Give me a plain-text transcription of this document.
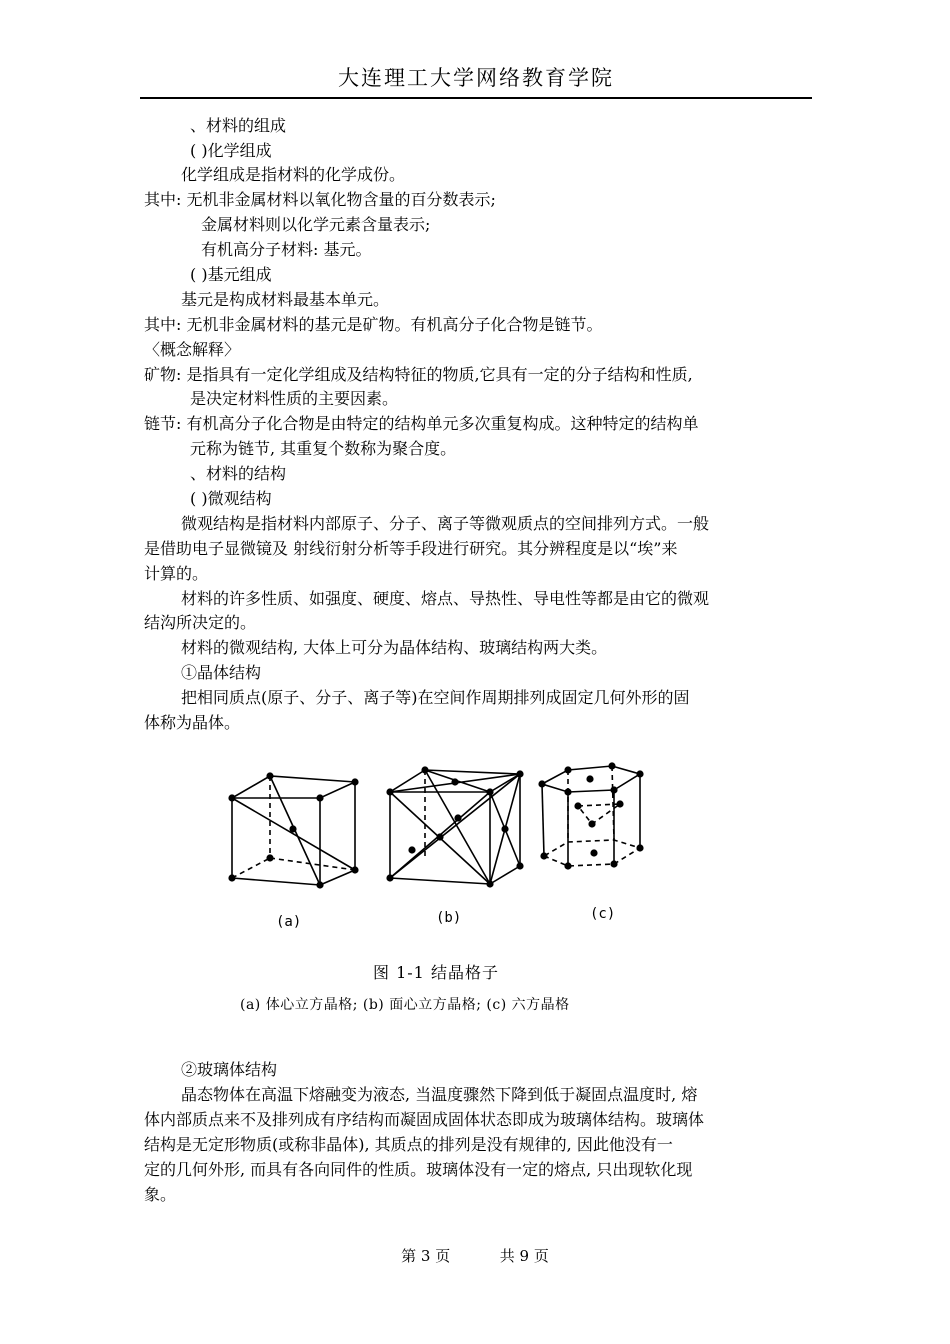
大连理工大学网络教育学院
、材料的组成
( )化学组成
化学组成是指材料的化学成份。
其中: 无机非金属材料以氧化物含量的百分数表示;
金属材料则以化学元素含量表示;
有机高分子材料: 基元。
( )基元组成
基元是构成材料最基本单元。
其中: 无机非金属材料的基元是矿物。有机高分子化合物是链节。
〈概念解释〉
矿物: 是指具有一定化学组成及结构特征的物质,它具有一定的分子结构和性质,
是决定材料性质的主要因素。
链节: 有机高分子化合物是由特定的结构单元多次重复构成。这种特定的结构单
元称为链节, 其重复个数称为聚合度。
、材料的结构
( )微观结构
微观结构是指材料内部原子、分子、离子等微观质点的空间排列方式。一般
是借助电子显微镜及 射线衍射分析等手段进行研究。其分辨程度是以“埃”来
计算的。
材料的许多性质、如强度、硬度、熔点、导热性、导电性等都是由它的微观
结沟所决定的。
材料的微观结构, 大体上可分为晶体结构、玻璃结构两大类。
①晶体结构
把相同质点(原子、分子、离子等)在空间作周期排列成固定几何外形的固
体称为晶体。
(a)	(b)	(c)
图 1-1 结晶格子
(a) 体心立方晶格; (b) 面心立方晶格; (c) 六方晶格
②玻璃体结构
晶态物体在高温下熔融变为液态, 当温度骤然下降到低于凝固点温度时, 熔
体内部质点来不及排列成有序结构而凝固成固体状态即成为玻璃体结构。玻璃体
结构是无定形物质(或称非晶体), 其质点的排列是没有规律的, 因此他没有一
定的几何外形, 而具有各向同件的性质。玻璃体没有一定的熔点, 只出现软化现
象。
第 3 页	共 9 页
